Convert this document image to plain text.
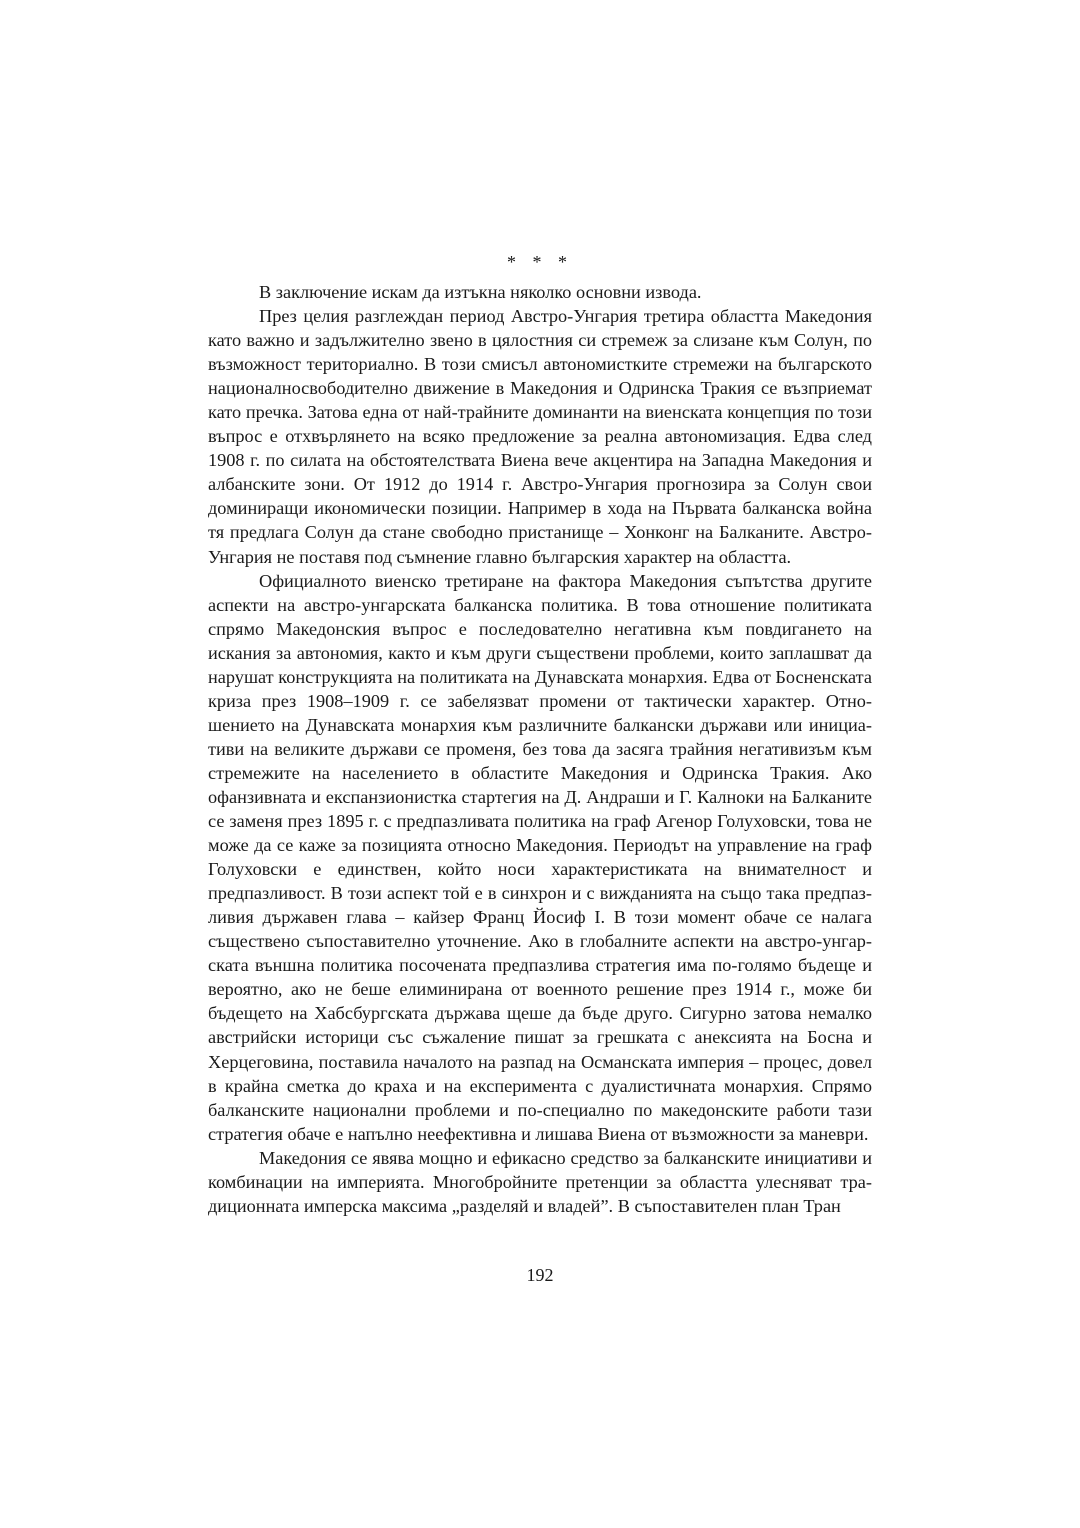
* * *

В заключение искам да изтъкна няколко основни извода.

През целия разглеждан период Австро-Унгария третира областта Македония като важно и задължително звено в цялостния си стремеж за слизане към Солун, по възможност териториално. В този смисъл автономистките стремежи на българското националносвободително движение в Македония и Одринска Тракия се възприемат като пречка. Затова една от най-трайните доминанти на виенската концепция по този въпрос е отхвърлянето на всяко предложение за реална автономизация. Едва след 1908 г. по силата на обстоятелствата Виена вече акцентира на Западна Македония и албанските зони. От 1912 до 1914 г. Австро-Унгария прогнозира за Солун свои доминиращи икономически позиции. Например в хода на Първата балканска война тя предлага Солун да стане свободно пристанище – Хонконг на Балканите. Австро-Унгария не поставя под съмнение главно българския характер на областта.

Официалното виенско третиране на фактора Македония съпътства другите аспекти на австро-унгарската балканска политика. В това отношение политиката спрямо Македонския въпрос е последователно негативна към повдигането на искания за автономия, както и към други съществени проблеми, които заплашват да нарушат конструкцията на политиката на Дунавската монархия. Едва от Босненската криза през 1908–1909 г. се забелязват промени от тактически характер. Отношението на Дунавската монархия към различните балкански държави или инициативи на великите държави се променя, без това да засяга трайния негативизъм към стремежите на населението в областите Македония и Одринска Тракия. Ако офанзивната и експанзионистка стартегия на Д. Андраши и Г. Калноки на Балканите се заменя през 1895 г. с предпазливата политика на граф Агенор Голуховски, това не може да се каже за позицията относно Македония. Периодът на управление на граф Голуховски е единствен, който носи характеристиката на внимателност и предпазливост. В този аспект той е в синхрон и с вижданията на също така предпазливия държавен глава – кайзер Франц Йосиф I. В този момент обаче се налага съществено съпоставително уточнение. Ако в глобалните аспекти на австро-унгарската външна политика посочената предпазлива стратегия има по-голямо бъдеще и вероятно, ако не беше елиминирана от военното решение през 1914 г., може би бъдещето на Хабсбургската държава щеше да бъде друго. Сигурно затова немалко австрийски историци със съжаление пишат за грешката с анексията на Босна и Херцеговина, поставила началото на разпад на Османската империя – процес, довел в крайна сметка до краха и на експеримента с дуалистичната монархия. Спрямо балканските национални проблеми и по-специално по македонските работи тази стратегия обаче е напълно неефективна и лишава Виена от възможности за маневри.

Македония се явява мощно и ефикасно средство за балканските инициативи и комбинации на империята. Многобройните претенции за областта улесняват традиционната имперска максима „разделяй и владей”. В съпоставителен план Тран

192
